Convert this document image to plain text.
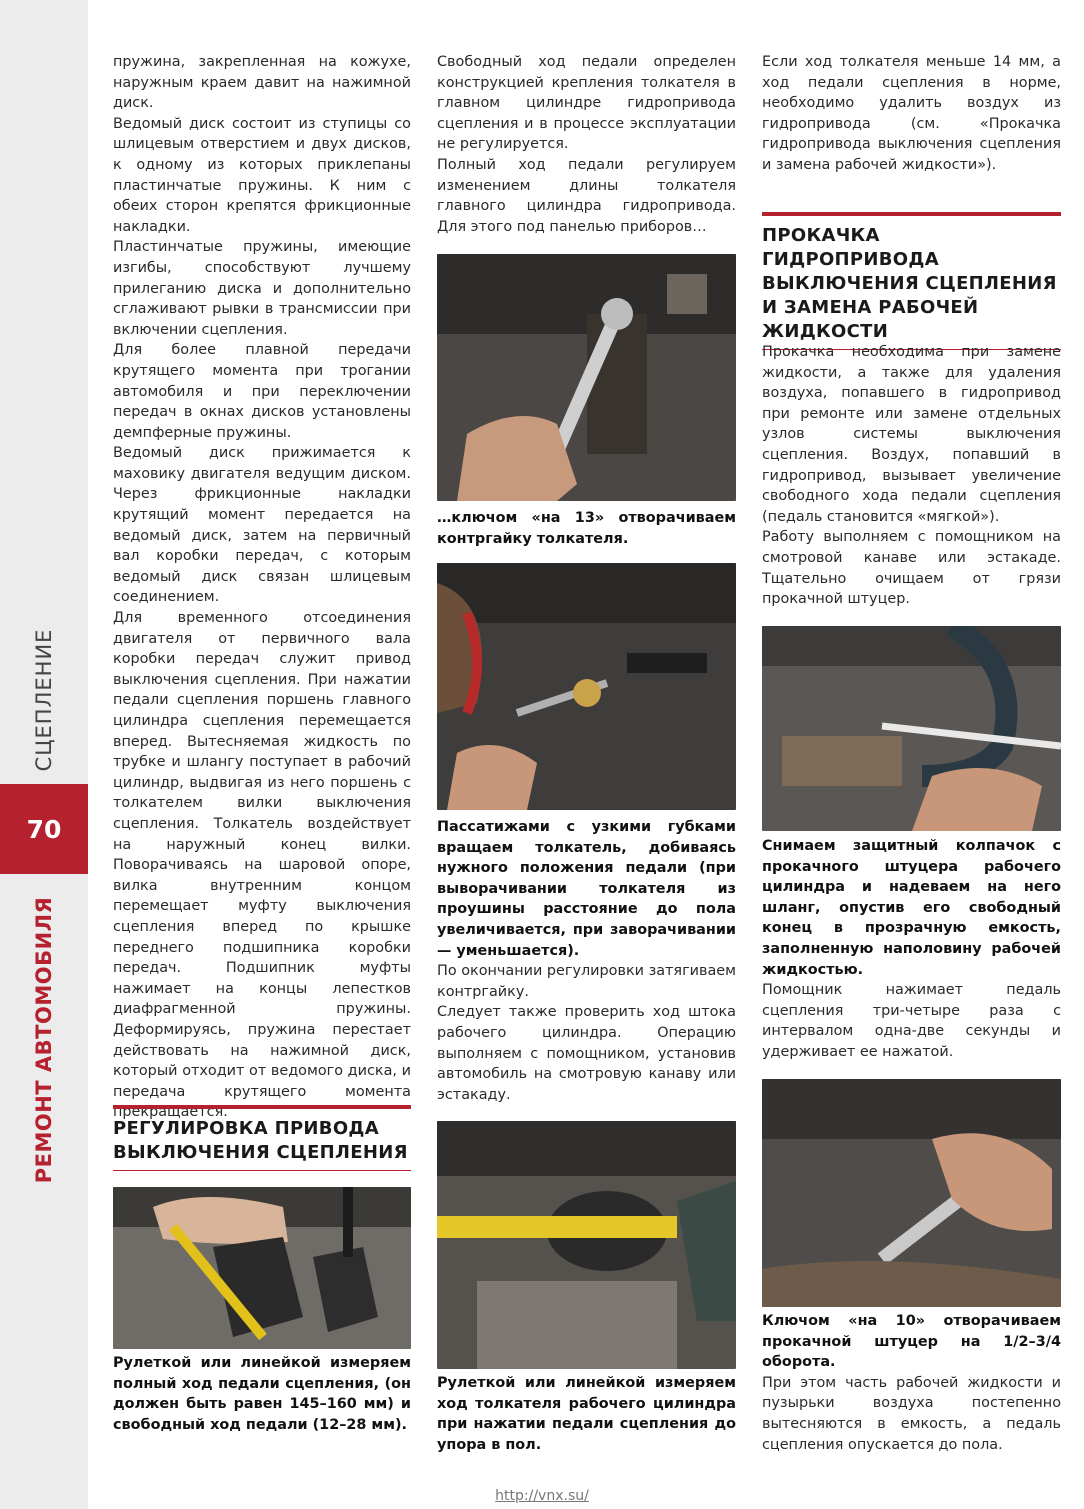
СЦЕПЛЕНИЕ
70
РЕМОНТ АВТОМОБИЛЯ

пружина, закрепленная на кожухе, наружным краем давит на нажимной диск.

Ведомый диск состоит из ступицы со шлицевым отверстием и двух дисков, к одному из которых приклепаны пластинчатые пружины. К ним с обеих сторон крепятся фрикционные накладки.

Пластинчатые пружины, имеющие изгибы, способствуют лучшему прилеганию диска и дополнительно сглаживают рывки в трансмиссии при включении сцепления.

Для более плавной передачи крутящего момента при трогании автомобиля и при переключении передач в окнах дисков установлены демпферные пружины.

Ведомый диск прижимается к маховику двигателя ведущим диском. Через фрикционные накладки крутящий момент передается на ведомый диск, затем на первичный вал коробки передач, с которым ведомый диск связан шлицевым соединением.

Для временного отсоединения двигателя от первичного вала коробки передач служит привод выключения сцепления. При нажатии педали сцепления поршень главного цилиндра сцепления перемещается вперед. Вытесняемая жидкость по трубке и шлангу поступает в рабочий цилиндр, выдвигая из него поршень с толкателем вилки выключения сцепления. Толкатель воздействует на наружный конец вилки. Поворачиваясь на шаровой опоре, вилка внутренним концом перемещает муфту выключения сцепления вперед по крышке переднего подшипника коробки передач. Подшипник муфты нажимает на концы лепестков диафрагменной пружины. Деформируясь, пружина перестает действовать на нажимной диск, который отходит от ведомого диска, и передача крутящего момента прекращается.

РЕГУЛИРОВКА ПРИВОДА ВЫКЛЮЧЕНИЯ СЦЕПЛЕНИЯ

Рулеткой или линейкой измеряем полный ход педали сцепления, (он должен быть равен 145–160 мм) и свободный ход педали (12–28 мм).

Свободный ход педали определен конструкцией крепления толкателя в главном цилиндре гидропривода сцепления и в процессе эксплуатации не регулируется.

Полный ход педали регулируем изменением длины толкателя главного цилиндра гидропривода. Для этого под панелью приборов…

…ключом «на 13» отворачиваем контргайку толкателя.

Пассатижами с узкими губками вращаем толкатель, добиваясь нужного положения педали (при выворачивании толкателя из проушины расстояние до пола увеличивается, при заворачивании — уменьшается).

По окончании регулировки затягиваем контргайку.

Следует также проверить ход штока рабочего цилиндра. Операцию выполняем с помощником, установив автомобиль на смотровую канаву или эстакаду.

Рулеткой или линейкой измеряем ход толкателя рабочего цилиндра при нажатии педали сцепления до упора в пол.

Если ход толкателя меньше 14 мм, а ход педали сцепления в норме, необходимо удалить воздух из гидропривода (см. «Прокачка гидропривода выключения сцепления и замена рабочей жидкости»).

ПРОКАЧКА ГИДРОПРИВОДА ВЫКЛЮЧЕНИЯ СЦЕПЛЕНИЯ И ЗАМЕНА РАБОЧЕЙ ЖИДКОСТИ

Прокачка необходима при замене жидкости, а также для удаления воздуха, попавшего в гидропривод при ремонте или замене отдельных узлов системы выключения сцепления. Воздух, попавший в гидропривод, вызывает увеличение свободного хода педали сцепления (педаль становится «мягкой»).

Работу выполняем с помощником на смотровой канаве или эстакаде. Тщательно очищаем от грязи прокачной штуцер.

Снимаем защитный колпачок с прокачного штуцера рабочего цилиндра и надеваем на него шланг, опустив его свободный конец в прозрачную емкость, заполненную наполовину рабочей жидкостью.

Помощник нажимает педаль сцепления три-четыре раза с интервалом одна-две секунды и удерживает ее нажатой.

Ключом «на 10» отворачиваем прокачной штуцер на 1/2–3/4 оборота.

При этом часть рабочей жидкости и пузырьки воздуха постепенно вытесняются в емкость, а педаль сцепления опускается до пола.

http://vnx.su/
